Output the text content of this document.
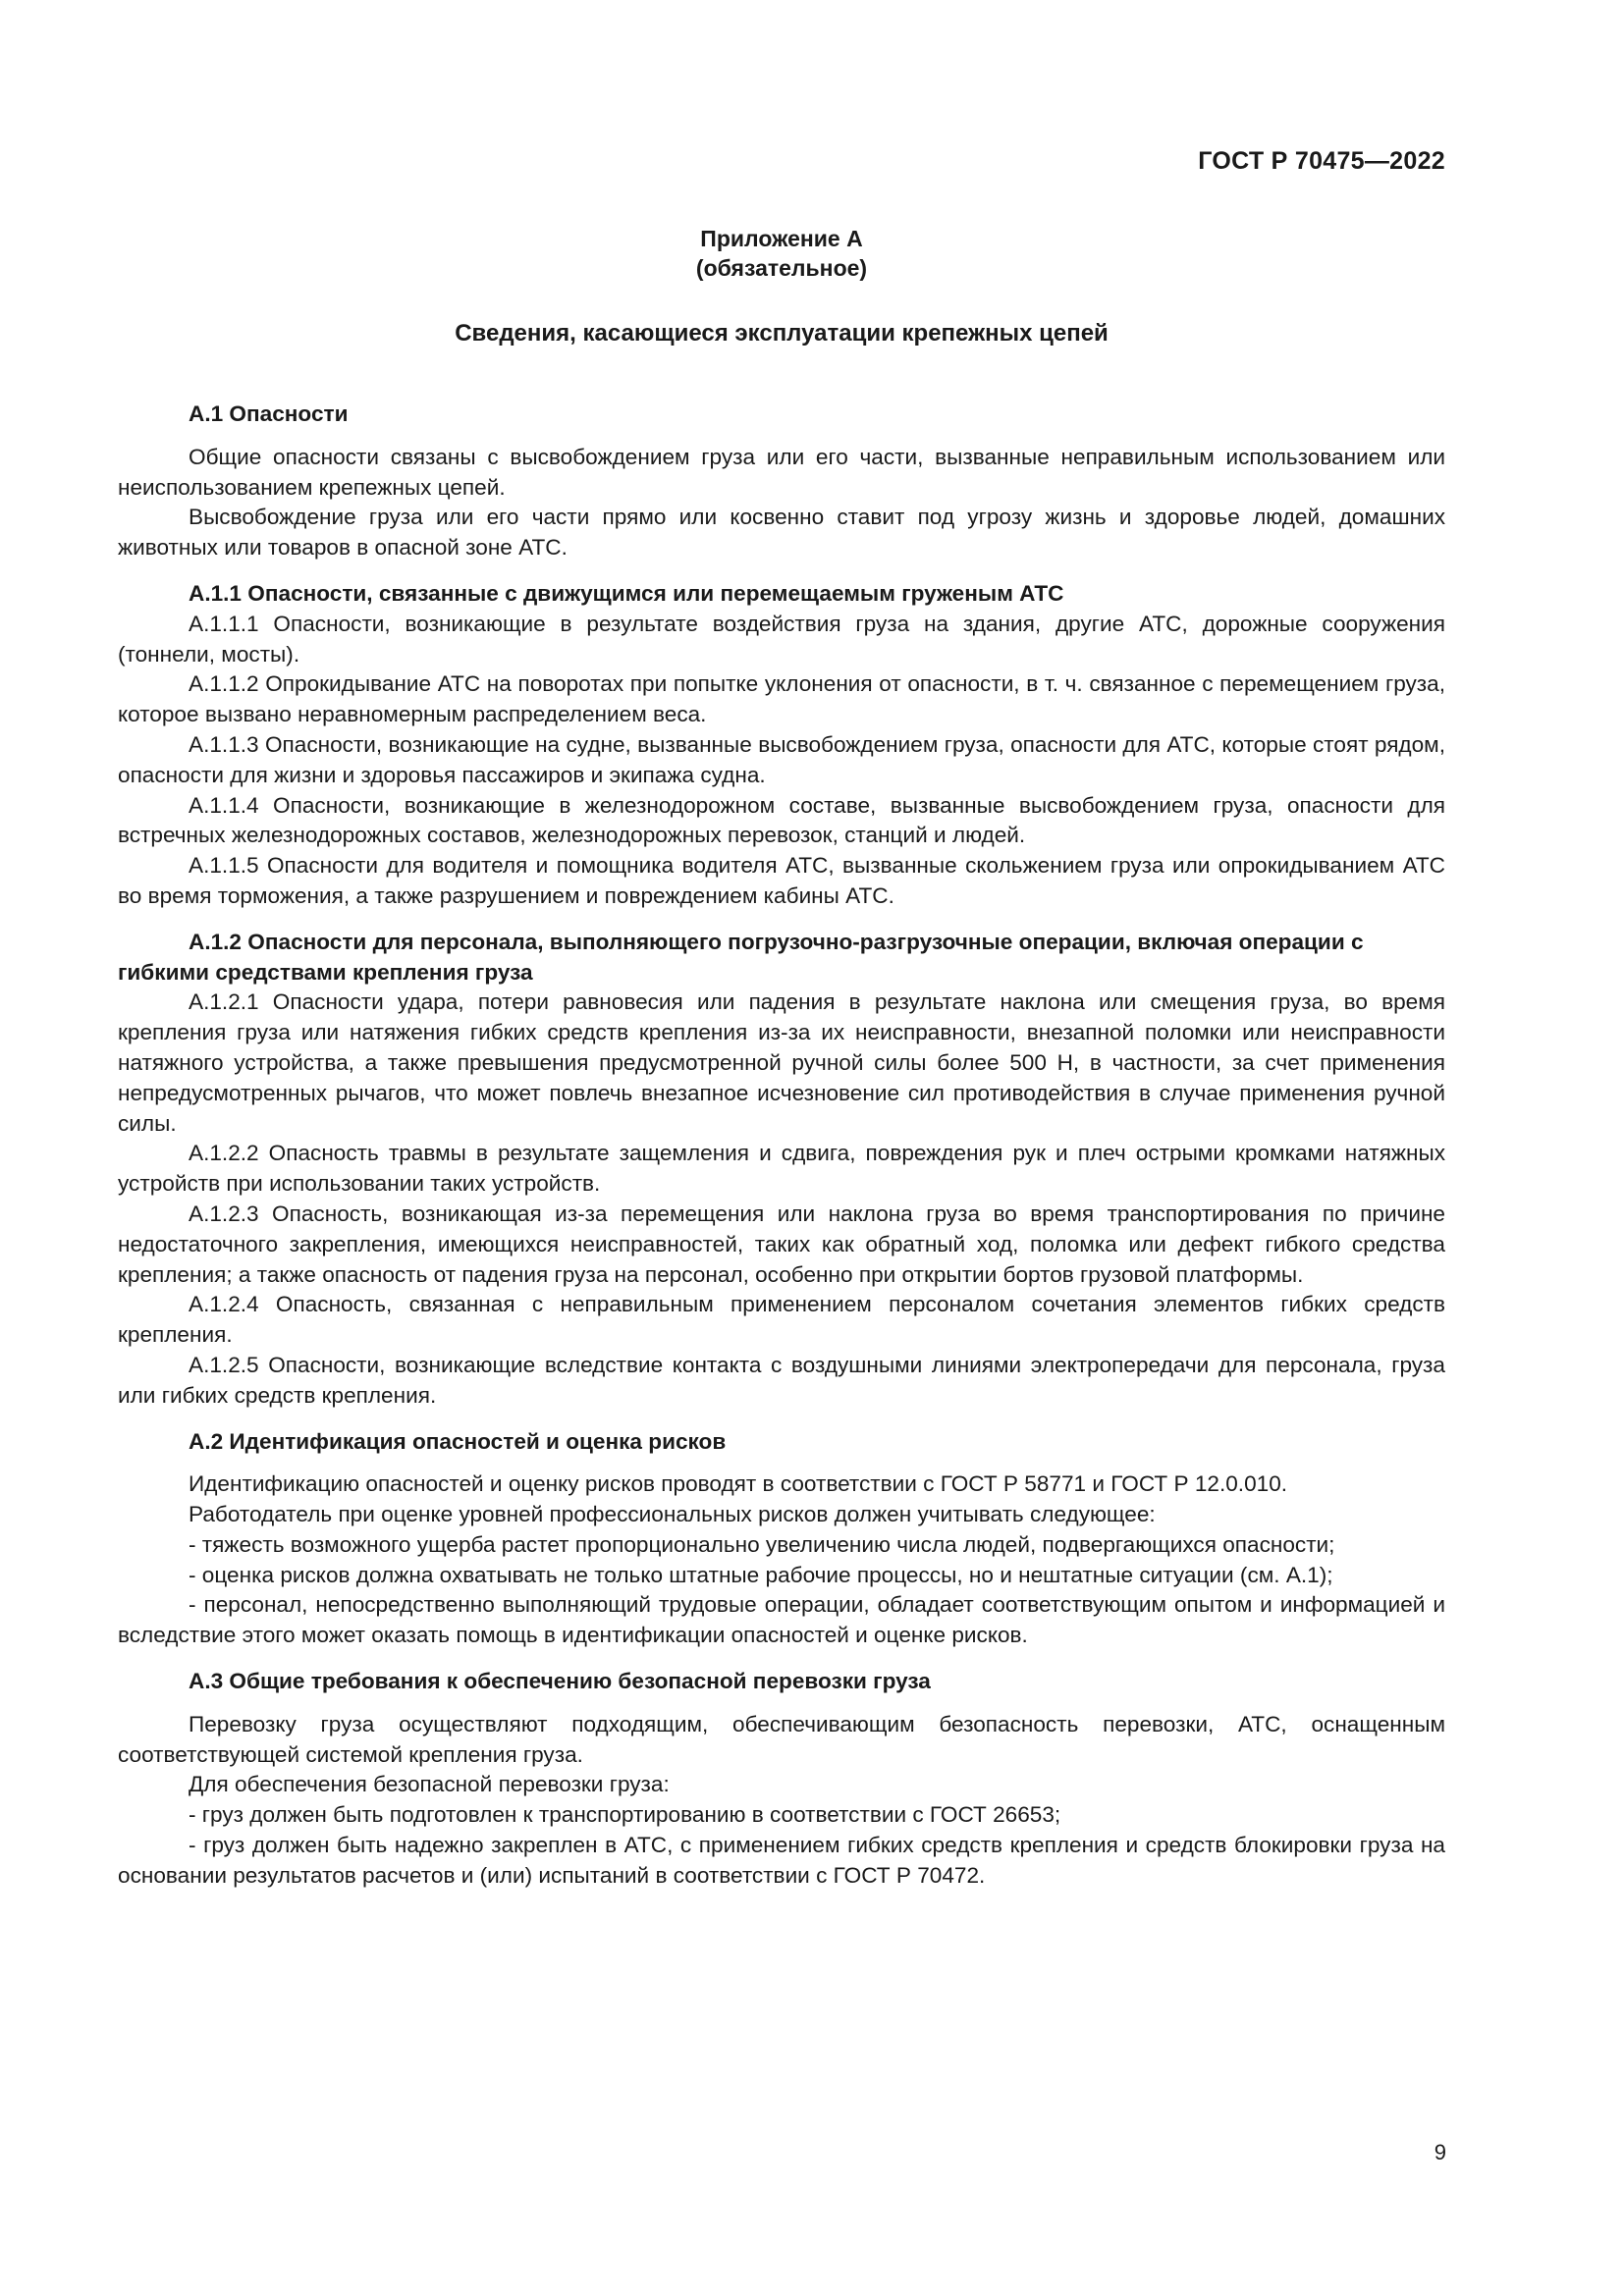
ГОСТ Р 70475—2022
Приложение А
(обязательное)
Сведения, касающиеся эксплуатации крепежных цепей

А.1 Опасности

Общие опасности связаны с высвобождением груза или его части, вызванные неправильным использованием или неиспользованием крепежных цепей.

Высвобождение груза или его части прямо или косвенно ставит под угрозу жизнь и здоровье людей, домашних животных или товаров в опасной зоне АТС.

А.1.1 Опасности, связанные с движущимся или перемещаемым груженым АТС

А.1.1.1 Опасности, возникающие в результате воздействия груза на здания, другие АТС, дорожные сооружения (тоннели, мосты).

А.1.1.2 Опрокидывание АТС на поворотах при попытке уклонения от опасности, в т. ч. связанное с перемещением груза, которое вызвано неравномерным распределением веса.

А.1.1.3 Опасности, возникающие на судне, вызванные высвобождением груза, опасности для АТС, которые стоят рядом, опасности для жизни и здоровья пассажиров и экипажа судна.

А.1.1.4 Опасности, возникающие в железнодорожном составе, вызванные высвобождением груза, опасности для встречных железнодорожных составов, железнодорожных перевозок, станций и людей.

А.1.1.5 Опасности для водителя и помощника водителя АТС, вызванные скольжением груза или опрокидыванием АТС во время торможения, а также разрушением и повреждением кабины АТС.

А.1.2 Опасности для персонала, выполняющего погрузочно-разгрузочные операции, включая операции с гибкими средствами крепления груза

А.1.2.1 Опасности удара, потери равновесия или падения в результате наклона или смещения груза, во время крепления груза или натяжения гибких средств крепления из-за их неисправности, внезапной поломки или неисправности натяжного устройства, а также превышения предусмотренной ручной силы более 500 Н, в частности, за счет применения непредусмотренных рычагов, что может повлечь внезапное исчезновение сил противодействия в случае применения ручной силы.

А.1.2.2 Опасность травмы в результате защемления и сдвига, повреждения рук и плеч острыми кромками натяжных устройств при использовании таких устройств.

А.1.2.3 Опасность, возникающая из-за перемещения или наклона груза во время транспортирования по причине недостаточного закрепления, имеющихся неисправностей, таких как обратный ход, поломка или дефект гибкого средства крепления; а также опасность от падения груза на персонал, особенно при открытии бортов грузовой платформы.

А.1.2.4 Опасность, связанная с неправильным применением персоналом сочетания элементов гибких средств крепления.

А.1.2.5 Опасности, возникающие вследствие контакта с воздушными линиями электропередачи для персонала, груза или гибких средств крепления.

А.2 Идентификация опасностей и оценка рисков

Идентификацию опасностей и оценку рисков проводят в соответствии с ГОСТ Р 58771 и ГОСТ Р 12.0.010.

Работодатель при оценке уровней профессиональных рисков должен учитывать следующее:

- тяжесть возможного ущерба растет пропорционально увеличению числа людей, подвергающихся опасности;

- оценка рисков должна охватывать не только штатные рабочие процессы, но и нештатные ситуации (см. А.1);

- персонал, непосредственно выполняющий трудовые операции, обладает соответствующим опытом и информацией и вследствие этого может оказать помощь в идентификации опасностей и оценке рисков.

А.3 Общие требования к обеспечению безопасной перевозки груза

Перевозку груза осуществляют подходящим, обеспечивающим безопасность перевозки, АТС, оснащенным соответствующей системой крепления груза.

Для обеспечения безопасной перевозки груза:

- груз должен быть подготовлен к транспортированию в соответствии с ГОСТ 26653;

- груз должен быть надежно закреплен в АТС, с применением гибких средств крепления и средств блокировки груза на основании результатов расчетов и (или) испытаний в соответствии с ГОСТ Р 70472.

9
